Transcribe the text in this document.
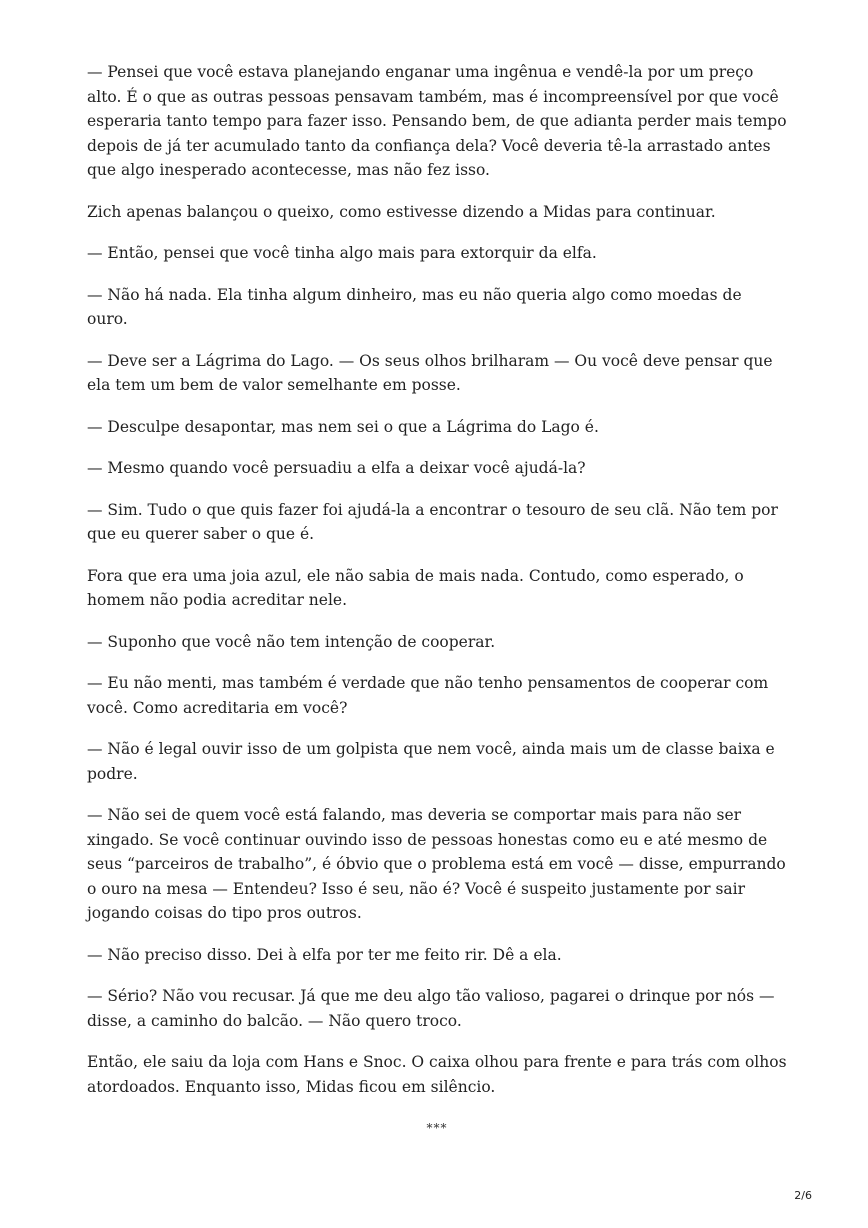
— Pensei que você estava planejando enganar uma ingênua e vendê-la por um preço alto. É o que as outras pessoas pensavam também, mas é incompreensível por que você esperaria tanto tempo para fazer isso. Pensando bem, de que adianta perder mais tempo depois de já ter acumulado tanto da confiança dela? Você deveria tê-la arrastado antes que algo inesperado acontecesse, mas não fez isso.

Zich apenas balançou o queixo, como estivesse dizendo a Midas para continuar.

— Então, pensei que você tinha algo mais para extorquir da elfa.

— Não há nada. Ela tinha algum dinheiro, mas eu não queria algo como moedas de ouro.

— Deve ser a Lágrima do Lago. — Os seus olhos brilharam — Ou você deve pensar que ela tem um bem de valor semelhante em posse.

— Desculpe desapontar, mas nem sei o que a Lágrima do Lago é.

— Mesmo quando você persuadiu a elfa a deixar você ajudá-la?

— Sim. Tudo o que quis fazer foi ajudá-la a encontrar o tesouro de seu clã. Não tem por que eu querer saber o que é.

Fora que era uma joia azul, ele não sabia de mais nada. Contudo, como esperado, o homem não podia acreditar nele.

— Suponho que você não tem intenção de cooperar.

— Eu não menti, mas também é verdade que não tenho pensamentos de cooperar com você. Como acreditaria em você?

— Não é legal ouvir isso de um golpista que nem você, ainda mais um de classe baixa e podre.

— Não sei de quem você está falando, mas deveria se comportar mais para não ser xingado. Se você continuar ouvindo isso de pessoas honestas como eu e até mesmo de seus “parceiros de trabalho”, é óbvio que o problema está em você — disse, empurrando o ouro na mesa — Entendeu? Isso é seu, não é? Você é suspeito justamente por sair jogando coisas do tipo pros outros.

— Não preciso disso. Dei à elfa por ter me feito rir. Dê a ela.

— Sério? Não vou recusar. Já que me deu algo tão valioso, pagarei o drinque por nós — disse, a caminho do balcão. — Não quero troco.

Então, ele saiu da loja com Hans e Snoc. O caixa olhou para frente e para trás com olhos atordoados. Enquanto isso, Midas ficou em silêncio.

***
2/6
